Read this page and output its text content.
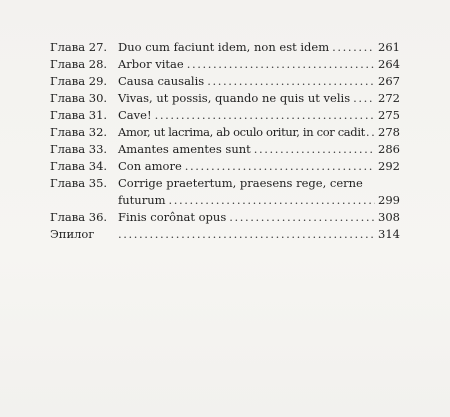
Глава 27. Duo cum faciunt idem, non est idem .....	261
Глава 28. Arbor vitae .....	264
Глава 29. Causa causalis .....	267
Глава 30. Vivas, ut possis, quando ne quis ut velis ..... 272
Глава 31. Cave! .....	275
Глава 32. Amor, ut lacrima, ab oculo oritur, in cor cadit ..... 278
Глава 33. Amantes amentes sunt .....	286
Глава 34. Con amore .....	292
Глава 35. Corrige praetertum, praesens rege, cerne
futurum .....	299
Глава 36. Finis corônat opus .....	308
Эпилог .....	314
